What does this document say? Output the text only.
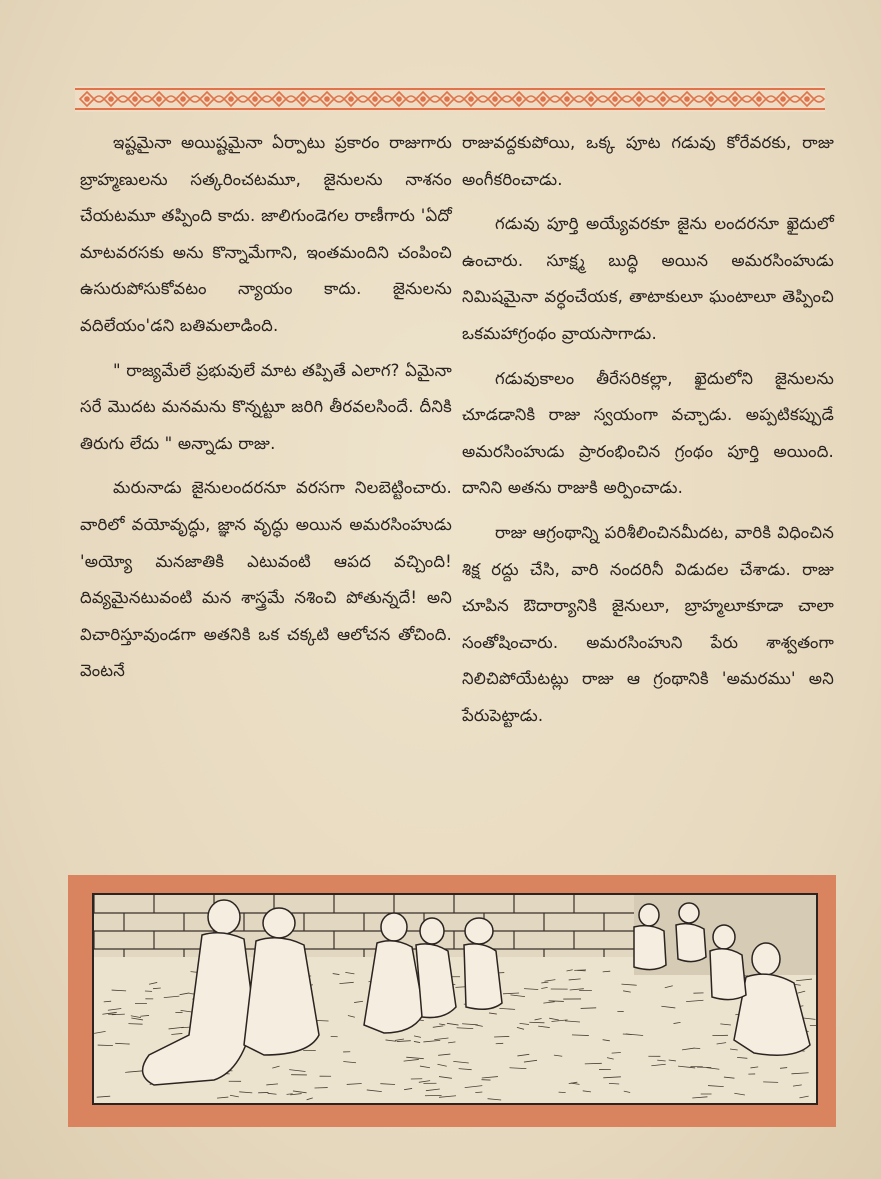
ఇష్టమైనా అయిష్టమైనా ఏర్పాటు ప్రకారం రాజుగారు బ్రాహ్మణులను సత్కరించటమూ, జైనులను నాశనం చేయటమూ తప్పింది కాదు. జాలిగుండెగల రాణీగారు 'ఏదో మాటవరసకు అను కొన్నామేగాని, ఇంతమందిని చంపించి ఉసురుపోసుకోవటం న్యాయం కాదు. జైనులను వదిలేయం'డని బతిమలాడింది.

" రాజ్యమేలే ప్రభువులే మాట తప్పితే ఎలాగ? ఏమైనా సరే మొదట మనమను కొన్నట్టూ జరిగి తీరవలసిందే. దీనికి తిరుగు లేదు " అన్నాడు రాజు.

మరునాడు జైనులందరనూ వరసగా నిలబెట్టించారు. వారిలో వయోవృద్ధు, జ్ఞాన వృద్ధు అయిన అమరసింహుడు 'అయ్యో మనజాతికి ఎటువంటి ఆపద వచ్చింది! దివ్యమైనటువంటి మన శాస్త్రమే నశించి పోతున్నదే! అని విచారిస్తూవుండగా అతనికి ఒక చక్కటి ఆలోచన తోచింది. వెంటనే

రాజువద్దకుపోయి, ఒక్క పూట గడువు కోరేవరకు, రాజు అంగీకరించాడు.

గడువు పూర్తి అయ్యేవరకూ జైను లందరనూ ఖైదులో ఉంచారు. సూక్ష్మ బుద్ధి అయిన అమరసింహుడు నిమిషమైనా వర్ధంచేయక, తాటాకులూ ఘంటాలూ తెప్పించి ఒకమహాగ్రంథం వ్రాయసాగాడు.

గడువుకాలం తీరేసరికల్లా, ఖైదులోని జైనులను చూడడానికి రాజు స్వయంగా వచ్చాడు. అప్పటికప్పుడే అమరసింహుడు ప్రారంభించిన గ్రంథం పూర్తి అయింది. దానిని అతను రాజుకి అర్పించాడు.

రాజు ఆగ్రంథాన్ని పరిశీలించినమీదట, వారికి విధించిన శిక్ష రద్దు చేసి, వారి నందరినీ విడుదల చేశాడు. రాజు చూపిన ఔదార్యానికి జైనులూ, బ్రాహ్మలూకూడా చాలా సంతోషించారు. అమరసింహుని పేరు శాశ్వతంగా నిలిచిపోయేటట్లు రాజు ఆ గ్రంథానికి 'అమరము' అని పేరుపెట్టాడు.
